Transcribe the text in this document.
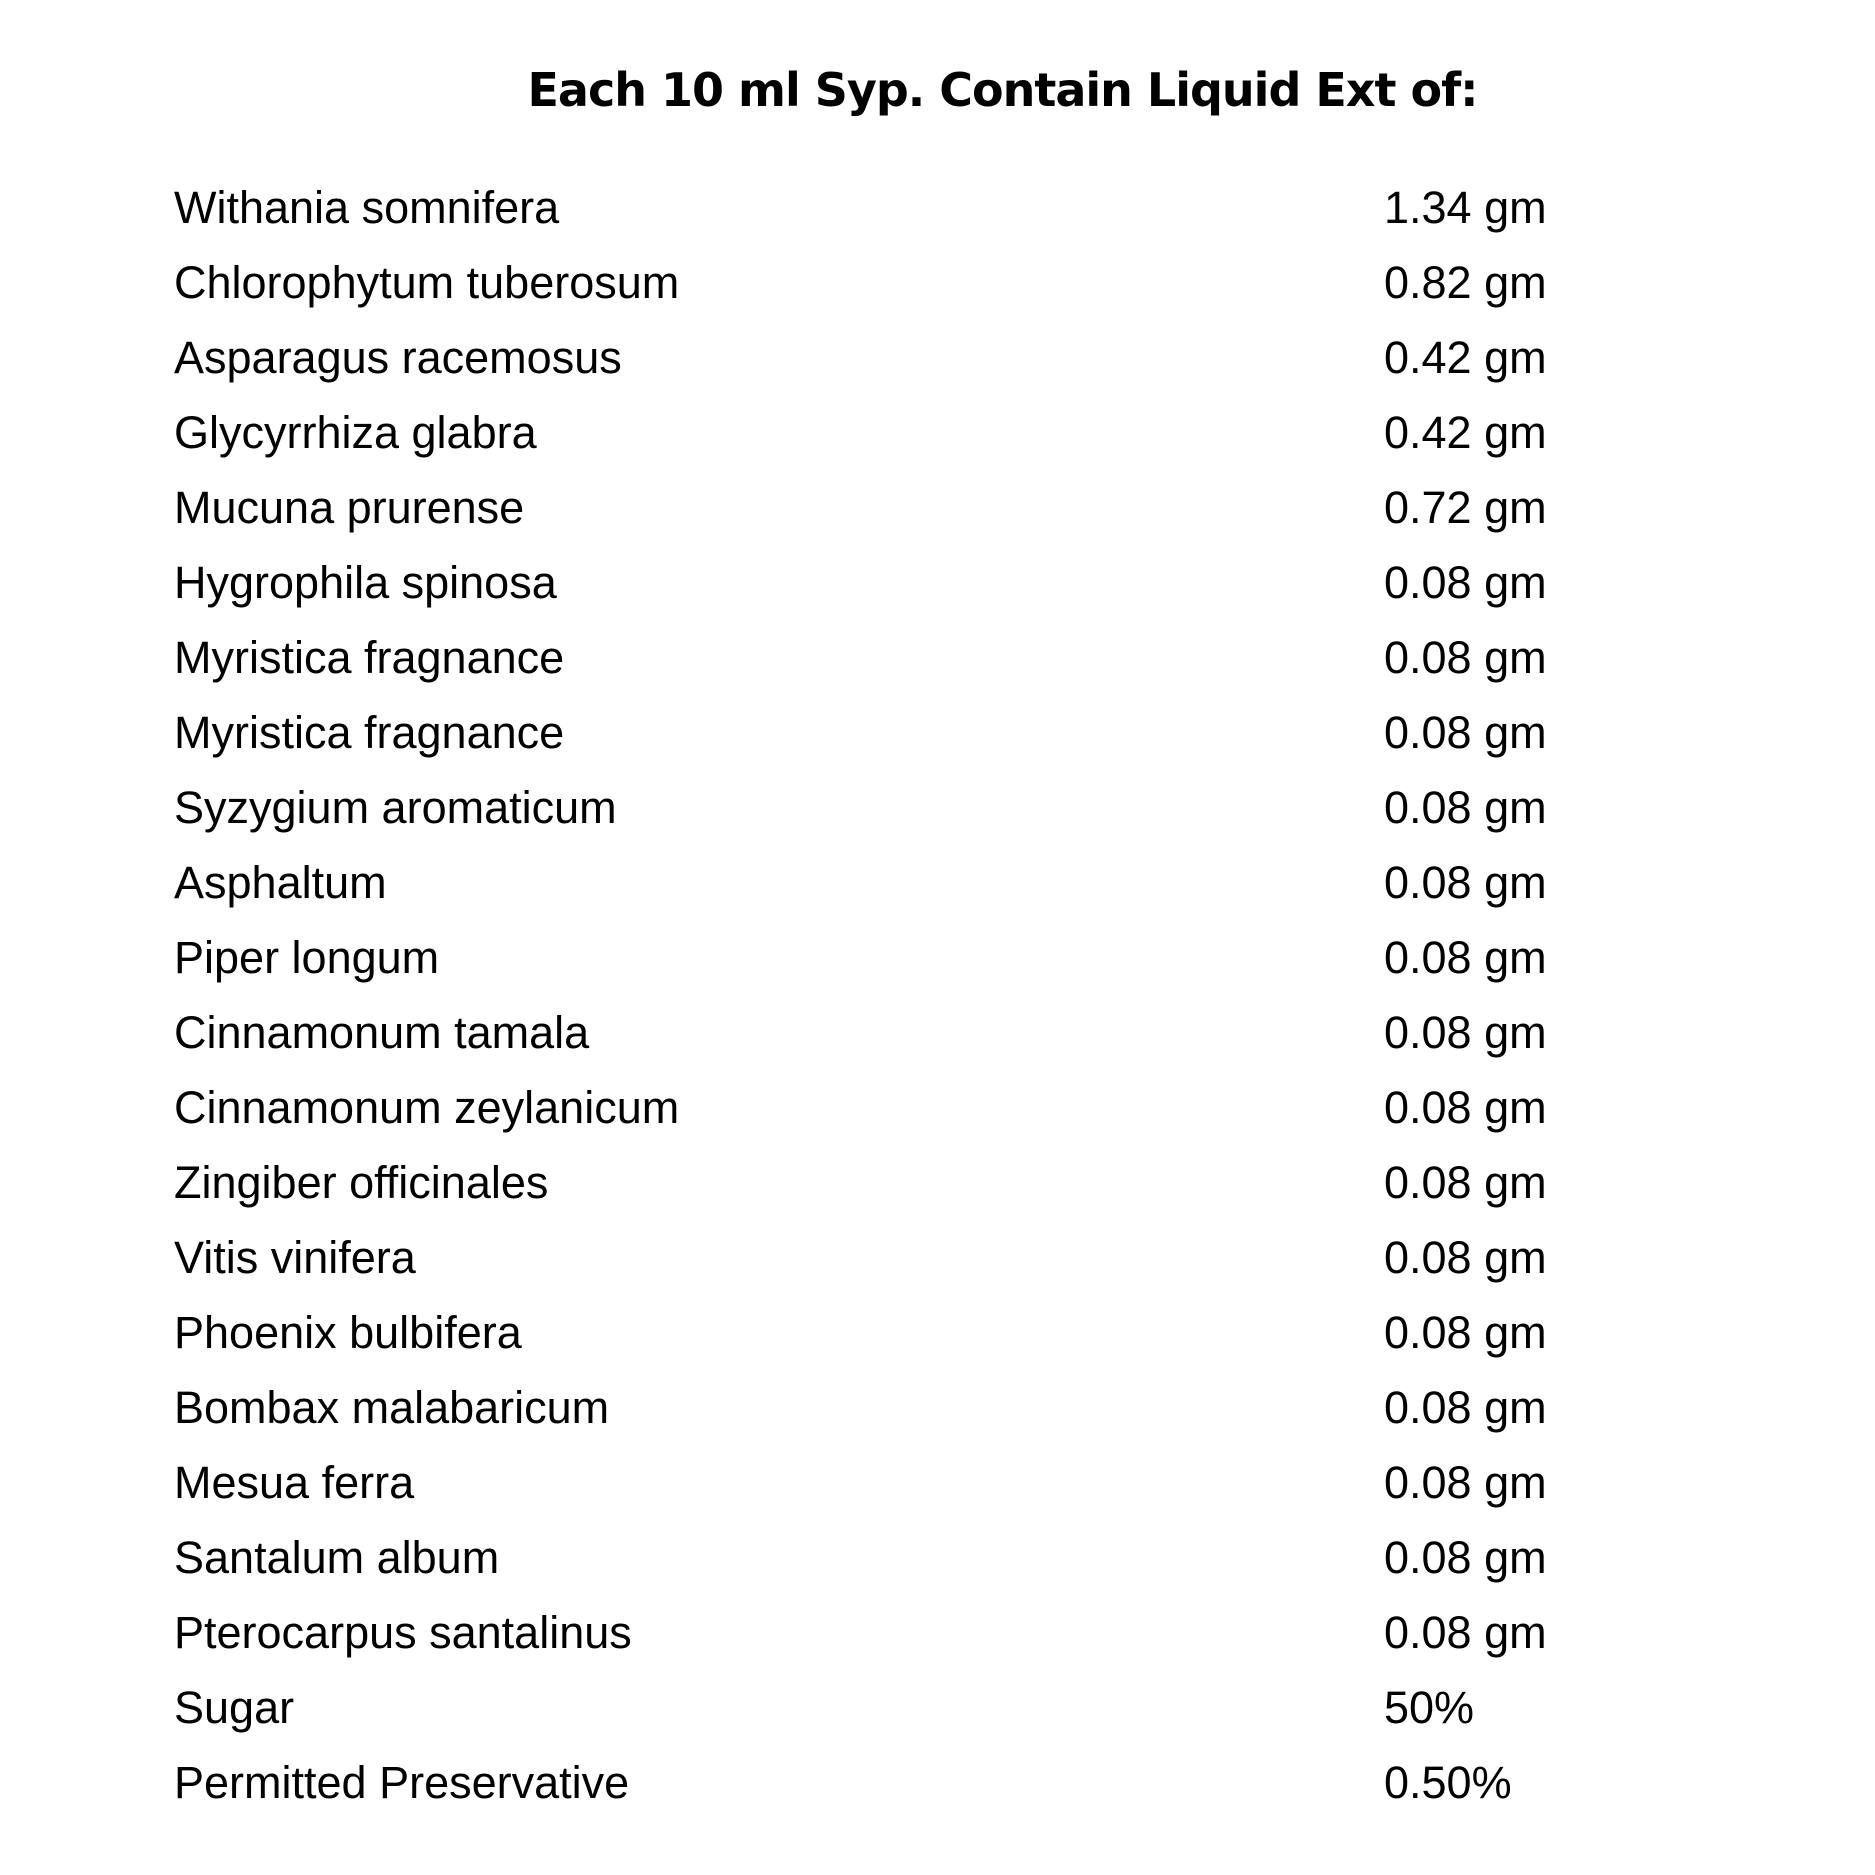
Each 10 ml Syp. Contain Liquid Ext of:
Withania somnifera	1.34 gm
Chlorophytum tuberosum	0.82 gm
Asparagus racemosus	0.42 gm
Glycyrrhiza glabra	0.42 gm
Mucuna prurense	0.72 gm
Hygrophila spinosa	0.08 gm
Myristica fragnance	0.08 gm
Myristica fragnance	0.08 gm
Syzygium aromaticum	0.08 gm
Asphaltum	0.08 gm
Piper longum	0.08 gm
Cinnamonum tamala	0.08 gm
Cinnamonum zeylanicum	0.08 gm
Zingiber officinales	0.08 gm
Vitis vinifera	0.08 gm
Phoenix bulbifera	0.08 gm
Bombax malabaricum	0.08 gm
Mesua ferra	0.08 gm
Santalum album	0.08 gm
Pterocarpus santalinus	0.08 gm
Sugar	50%
Permitted Preservative	0.50%
